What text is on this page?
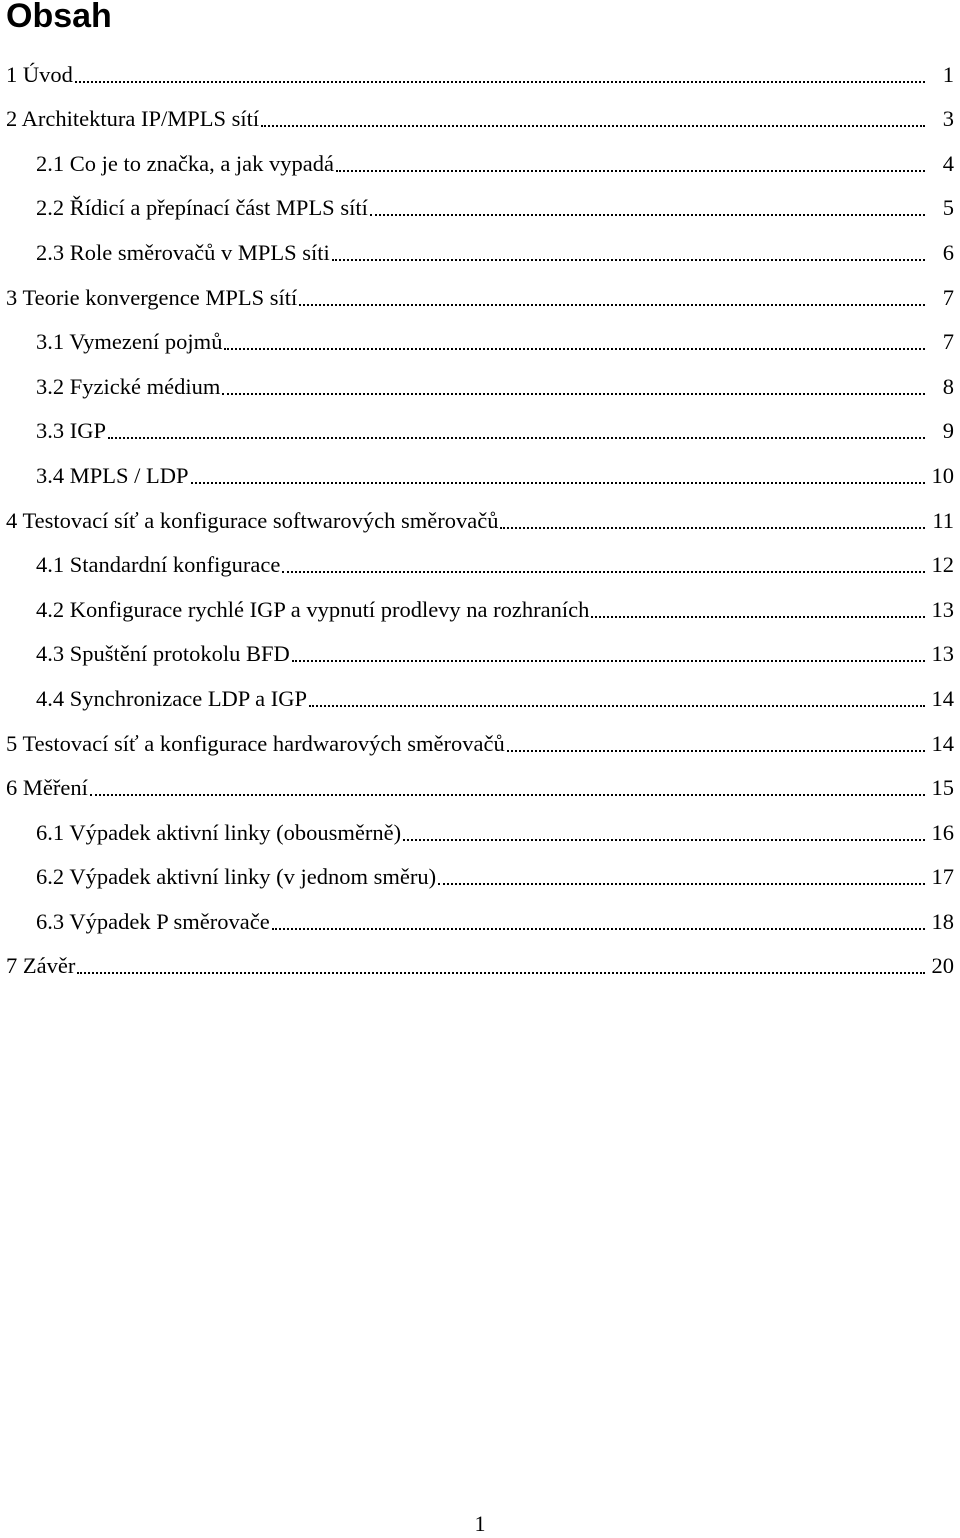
Obsah
1 Úvod	1
2 Architektura IP/MPLS sítí	3
2.1 Co je to značka, a jak vypadá	4
2.2 Řídicí a přepínací část MPLS sítí	5
2.3 Role směrovačů v MPLS síti	6
3 Teorie konvergence MPLS sítí	7
3.1 Vymezení pojmů	7
3.2 Fyzické médium	8
3.3 IGP	9
3.4 MPLS / LDP	10
4 Testovací síť a konfigurace softwarových směrovačů	11
4.1 Standardní konfigurace	12
4.2 Konfigurace rychlé IGP a vypnutí prodlevy na rozhraních	13
4.3 Spuštění protokolu BFD	13
4.4 Synchronizace LDP a IGP	14
5 Testovací síť a konfigurace hardwarových směrovačů	14
6 Měření	15
6.1 Výpadek aktivní linky (obousměrně)	16
6.2 Výpadek aktivní linky (v jednom směru)	17
6.3 Výpadek P směrovače	18
7 Závěr	20
1
